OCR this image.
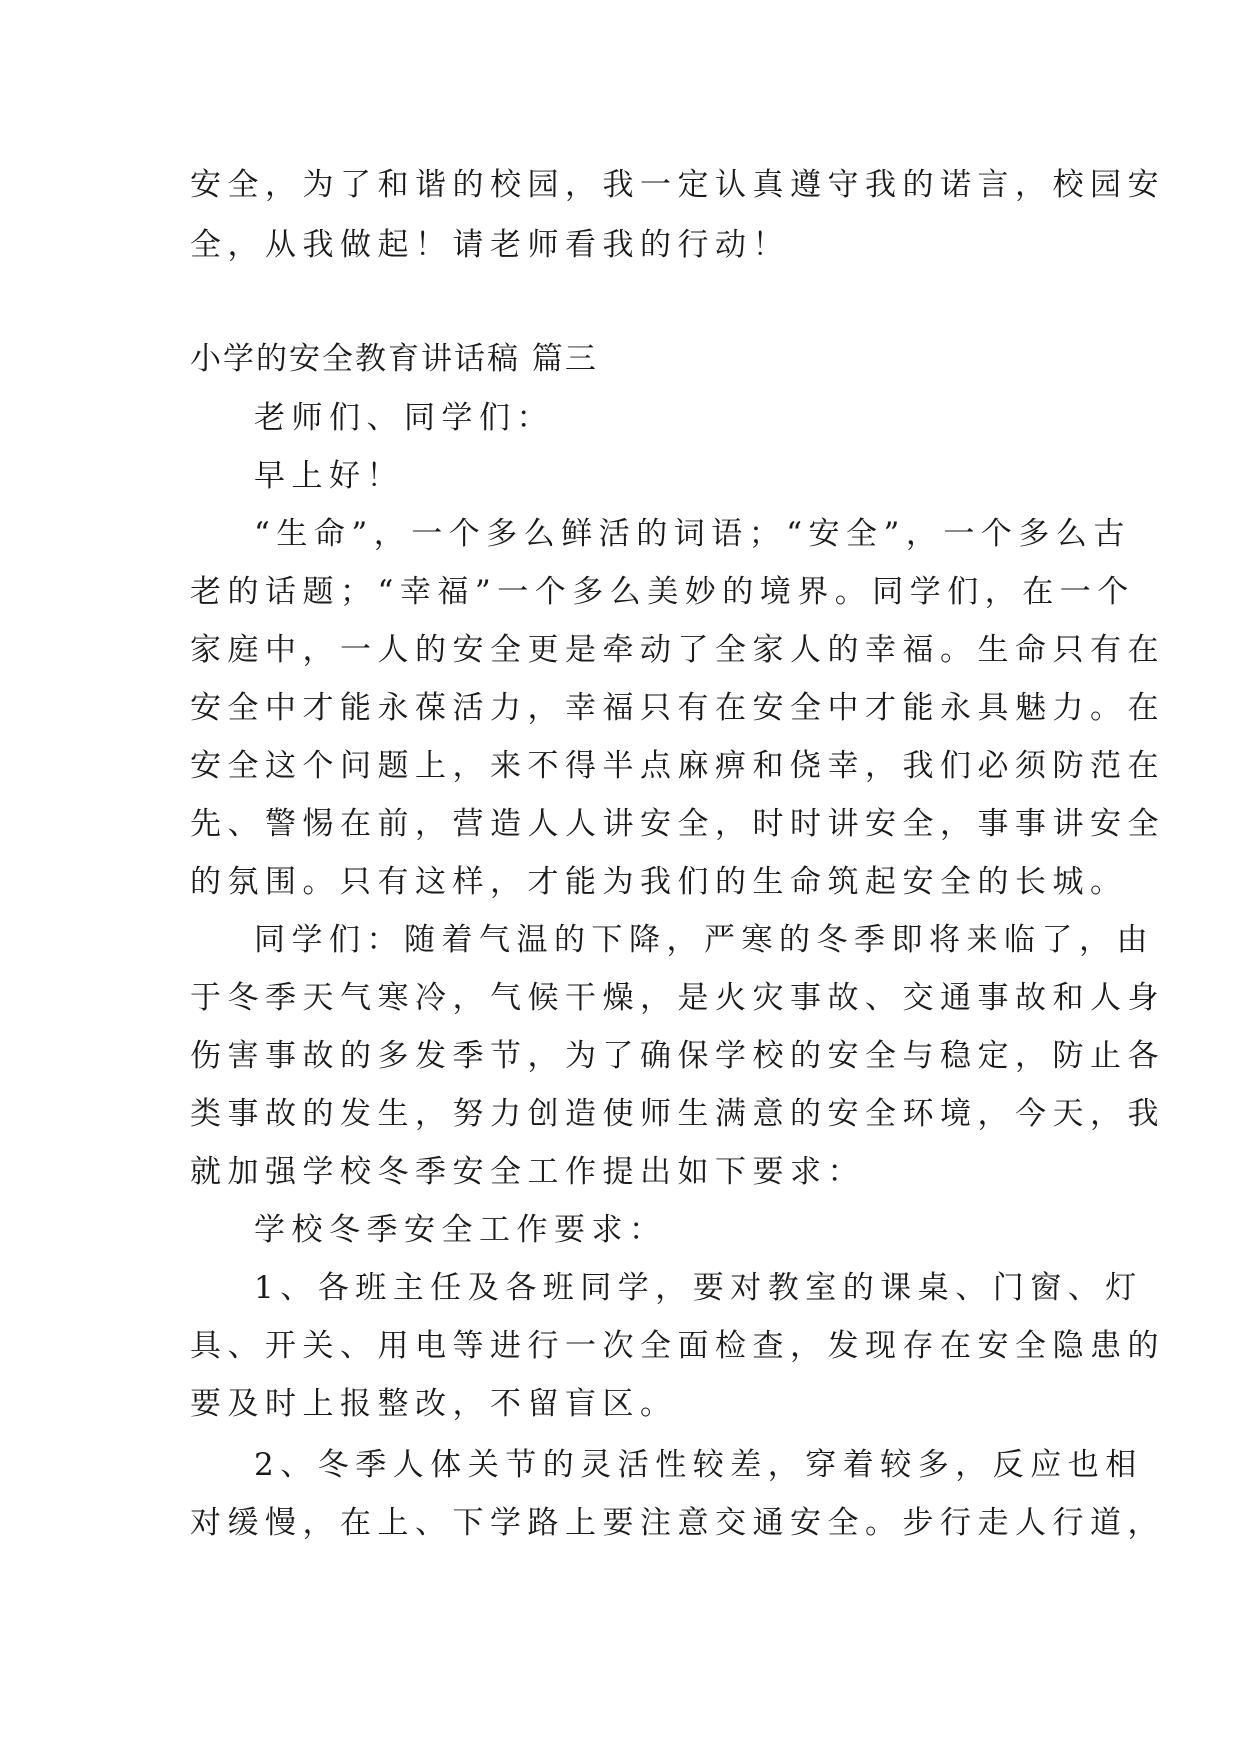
安全，为了和谐的校园，我一定认真遵守我的诺言，校园安
全，从我做起！请老师看我的行动！
小学的安全教育讲话稿 篇三
老师们、同学们：
早上好！
“生命”，一个多么鲜活的词语；“安全”，一个多么古
老的话题；“幸福”一个多么美妙的境界。同学们，在一个
家庭中，一人的安全更是牵动了全家人的幸福。生命只有在
安全中才能永葆活力，幸福只有在安全中才能永具魅力。在
安全这个问题上，来不得半点麻痹和侥幸，我们必须防范在
先、警惕在前，营造人人讲安全，时时讲安全，事事讲安全
的氛围。只有这样，才能为我们的生命筑起安全的长城。
同学们：随着气温的下降，严寒的冬季即将来临了，由
于冬季天气寒冷，气候干燥，是火灾事故、交通事故和人身
伤害事故的多发季节，为了确保学校的安全与稳定，防止各
类事故的发生，努力创造使师生满意的安全环境，今天，我
就加强学校冬季安全工作提出如下要求：
学校冬季安全工作要求：
1、各班主任及各班同学，要对教室的课桌、门窗、灯
具、开关、用电等进行一次全面检查，发现存在安全隐患的
要及时上报整改，不留盲区。
2、冬季人体关节的灵活性较差，穿着较多，反应也相
对缓慢，在上、下学路上要注意交通安全。步行走人行道，
